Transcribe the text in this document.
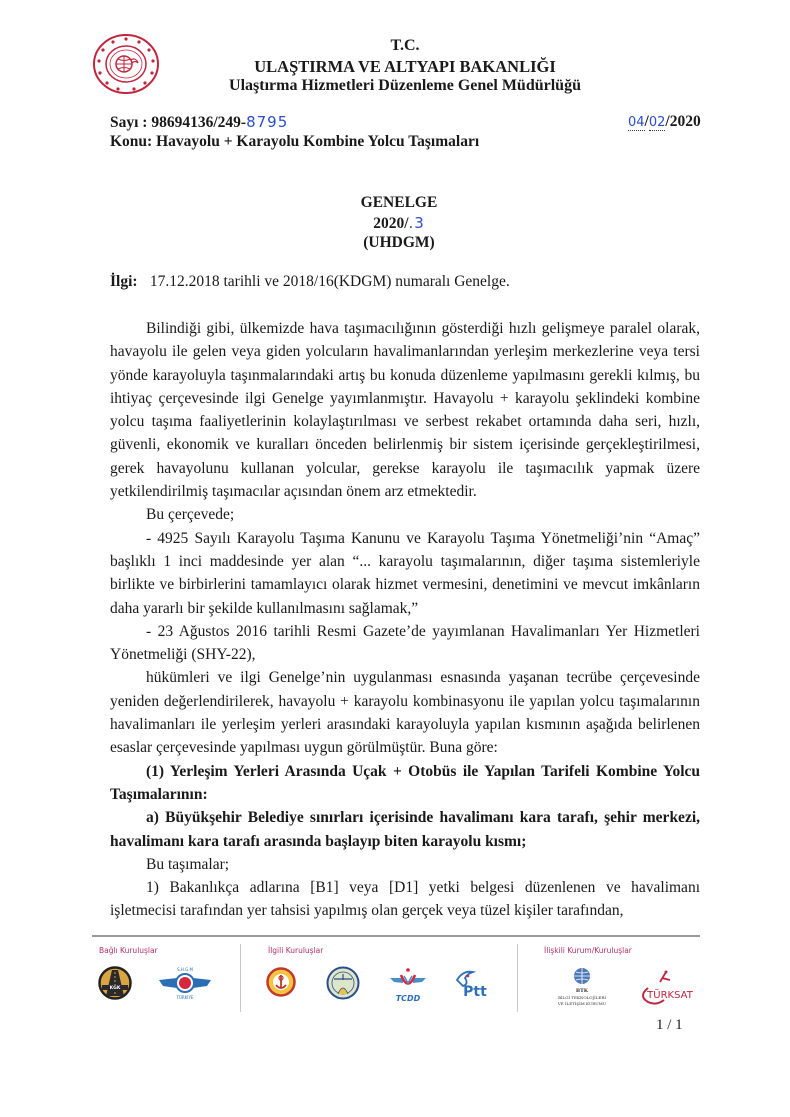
T.C.
ULAŞTIRMA VE ALTYAPI BAKANLIĞI
Ulaştırma Hizmetleri Düzenleme Genel Müdürlüğü
Sayı : 98694136/249-8795	04/02/2020
Konu: Havayolu + Karayolu Kombine Yolcu Taşımaları
GENELGE
2020/.3
(UHDGM)
İlgi: 17.12.2018 tarihli ve 2018/16(KDGM) numaralı Genelge.

Bilindiği gibi, ülkemizde hava taşımacılığının gösterdiği hızlı gelişmeye paralel olarak, havayolu ile gelen veya giden yolcuların havalimanlarından yerleşim merkezlerine veya tersi yönde karayoluyla taşınmalarındaki artış bu konuda düzenleme yapılmasını gerekli kılmış, bu ihtiyaç çerçevesinde ilgi Genelge yayımlanmıştır. Havayolu + karayolu şeklindeki kombine yolcu taşıma faaliyetlerinin kolaylaştırılması ve serbest rekabet ortamında daha seri, hızlı, güvenli, ekonomik ve kuralları önceden belirlenmiş bir sistem içerisinde gerçekleştirilmesi, gerek havayolunu kullanan yolcular, gerekse karayolu ile taşımacılık yapmak üzere yetkilendirilmiş taşımacılar açısından önem arz etmektedir.

Bu çerçevede;

- 4925 Sayılı Karayolu Taşıma Kanunu ve Karayolu Taşıma Yönetmeliği’nin “Amaç” başlıklı 1 inci maddesinde yer alan “... karayolu taşımalarının, diğer taşıma sistemleriyle birlikte ve birbirlerini tamamlayıcı olarak hizmet vermesini, denetimini ve mevcut imkânların daha yararlı bir şekilde kullanılmasını sağlamak,”

- 23 Ağustos 2016 tarihli Resmi Gazete’de yayımlanan Havalimanları Yer Hizmetleri Yönetmeliği (SHY-22),

hükümleri ve ilgi Genelge’nin uygulanması esnasında yaşanan tecrübe çerçevesinde yeniden değerlendirilerek, havayolu + karayolu kombinasyonu ile yapılan yolcu taşımalarının havalimanları ile yerleşim yerleri arasındaki karayoluyla yapılan kısmının aşağıda belirlenen esaslar çerçevesinde yapılması uygun görülmüştür. Buna göre:

(1) Yerleşim Yerleri Arasında Uçak + Otobüs ile Yapılan Tarifeli Kombine Yolcu Taşımalarının:

a) Büyükşehir Belediye sınırları içerisinde havalimanı kara tarafı, şehir merkezi, havalimanı kara tarafı arasında başlayıp biten karayolu kısmı;

Bu taşımalar;

1) Bakanlıkça adlarına [B1] veya [D1] yetki belgesi düzenlenen ve havalimanı işletmecisi tarafından yer tahsisi yapılmış olan gerçek veya tüzel kişiler tarafından,

Bağlı Kuruluşlar	İlgili Kuruluşlar	İlişkili Kurum/Kuruluşlar
KGK
S.H.G.M
TÜRKİYE	TCDD	Ptt	BTK
BİLGİ TEKNOLOJİLERİ
VE İLETİŞİM KURUMU
TÜRKSAT
1 / 1
